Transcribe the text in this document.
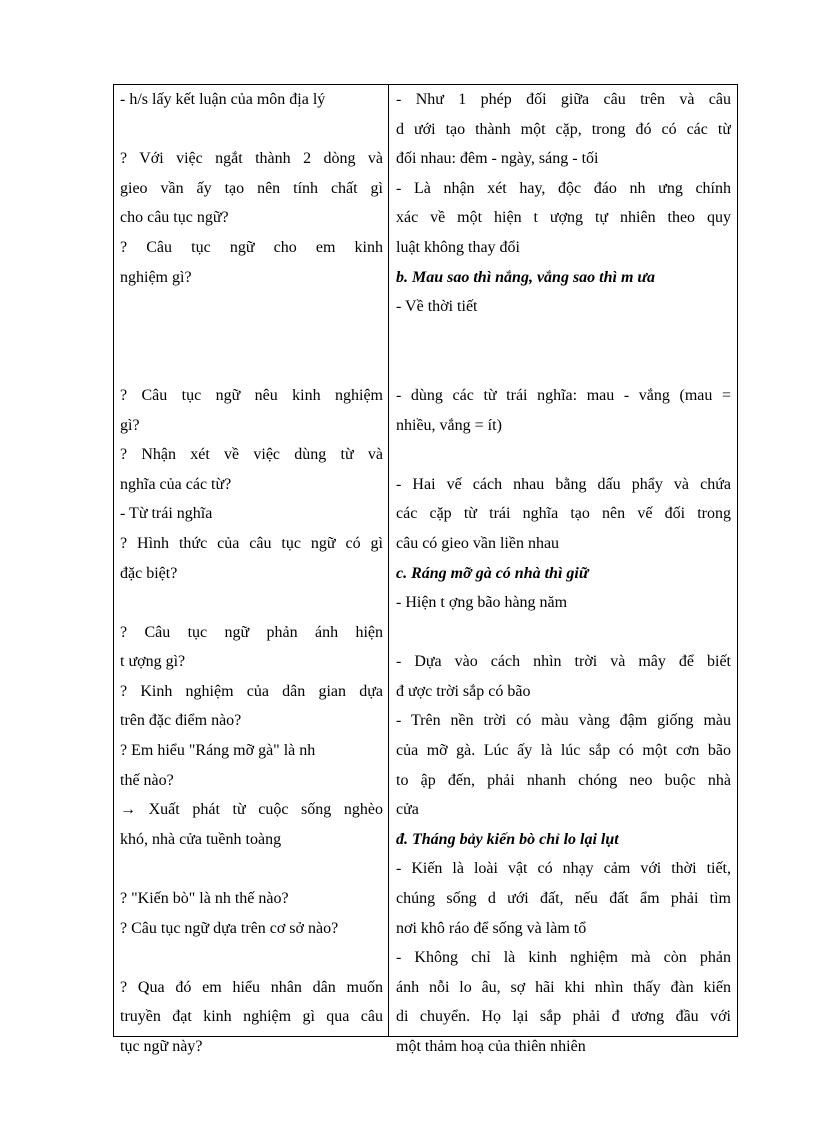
- h/s lấy kết luận của môn địa lý
? Với việc ngắt thành 2 dòng và
gieo vần ấy tạo nên tính chất gì
cho câu tục ngữ?
? Câu tục ngữ cho em kinh
nghiệm gì?
? Câu tục ngữ nêu kinh nghiệm
gì?
? Nhận xét về việc dùng từ và
nghĩa của các từ?
- Từ trái nghĩa
? Hình thức của câu tục ngữ có gì
đặc biệt?
? Câu tục ngữ phản ánh hiện
t ượng gì?
? Kinh nghiệm của dân gian dựa
trên đặc điểm nào?
? Em hiểu "Ráng mỡ gà" là nh
thế nào?
→ Xuất phát từ cuộc sống nghèo
khó, nhà cửa tuềnh toàng
? "Kiến bò" là nh thế nào?
? Câu tục ngữ dựa trên cơ sở nào?
? Qua đó em hiểu nhân dân muốn
truyền đạt kinh nghiệm gì qua câu
tục ngữ này?
- Như 1 phép đối giữa câu trên và câu
d ưới tạo thành một cặp, trong đó có các từ
đối nhau: đêm - ngày, sáng - tối
- Là nhận xét hay, độc đáo nh ưng chính
xác về một hiện t ượng tự nhiên theo quy
luật không thay đổi
b. Mau sao thì nắng, vắng sao thì m ưa
- Về thời tiết
- dùng các từ trái nghĩa: mau - vắng (mau =
nhiều, vắng = ít)
- Hai vế cách nhau bằng dấu phẩy và chứa
các cặp từ trái nghĩa tạo nên vế đối trong
câu có gieo vần liền nhau
c. Ráng mỡ gà có nhà thì giữ
- Hiện t ợng bão hàng năm
- Dựa vào cách nhìn trời và mây để biết
đ ược trời sắp có bão
- Trên nền trời có màu vàng đậm giống màu
của mỡ gà. Lúc ấy là lúc sắp có một cơn bão
to ập đến, phải nhanh chóng neo buộc nhà
cửa
đ. Tháng bảy kiến bò chỉ lo lại lụt
- Kiến là loài vật có nhạy cảm với thời tiết,
chúng sống d ưới đất, nếu đất ẩm phải tìm
nơi khô ráo để sống và làm tổ
- Không chỉ là kinh nghiệm mà còn phản
ánh nỗi lo âu, sợ hãi khi nhìn thấy đàn kiến
di chuyển. Họ lại sắp phải đ ương đầu với
một thảm hoạ của thiên nhiên
